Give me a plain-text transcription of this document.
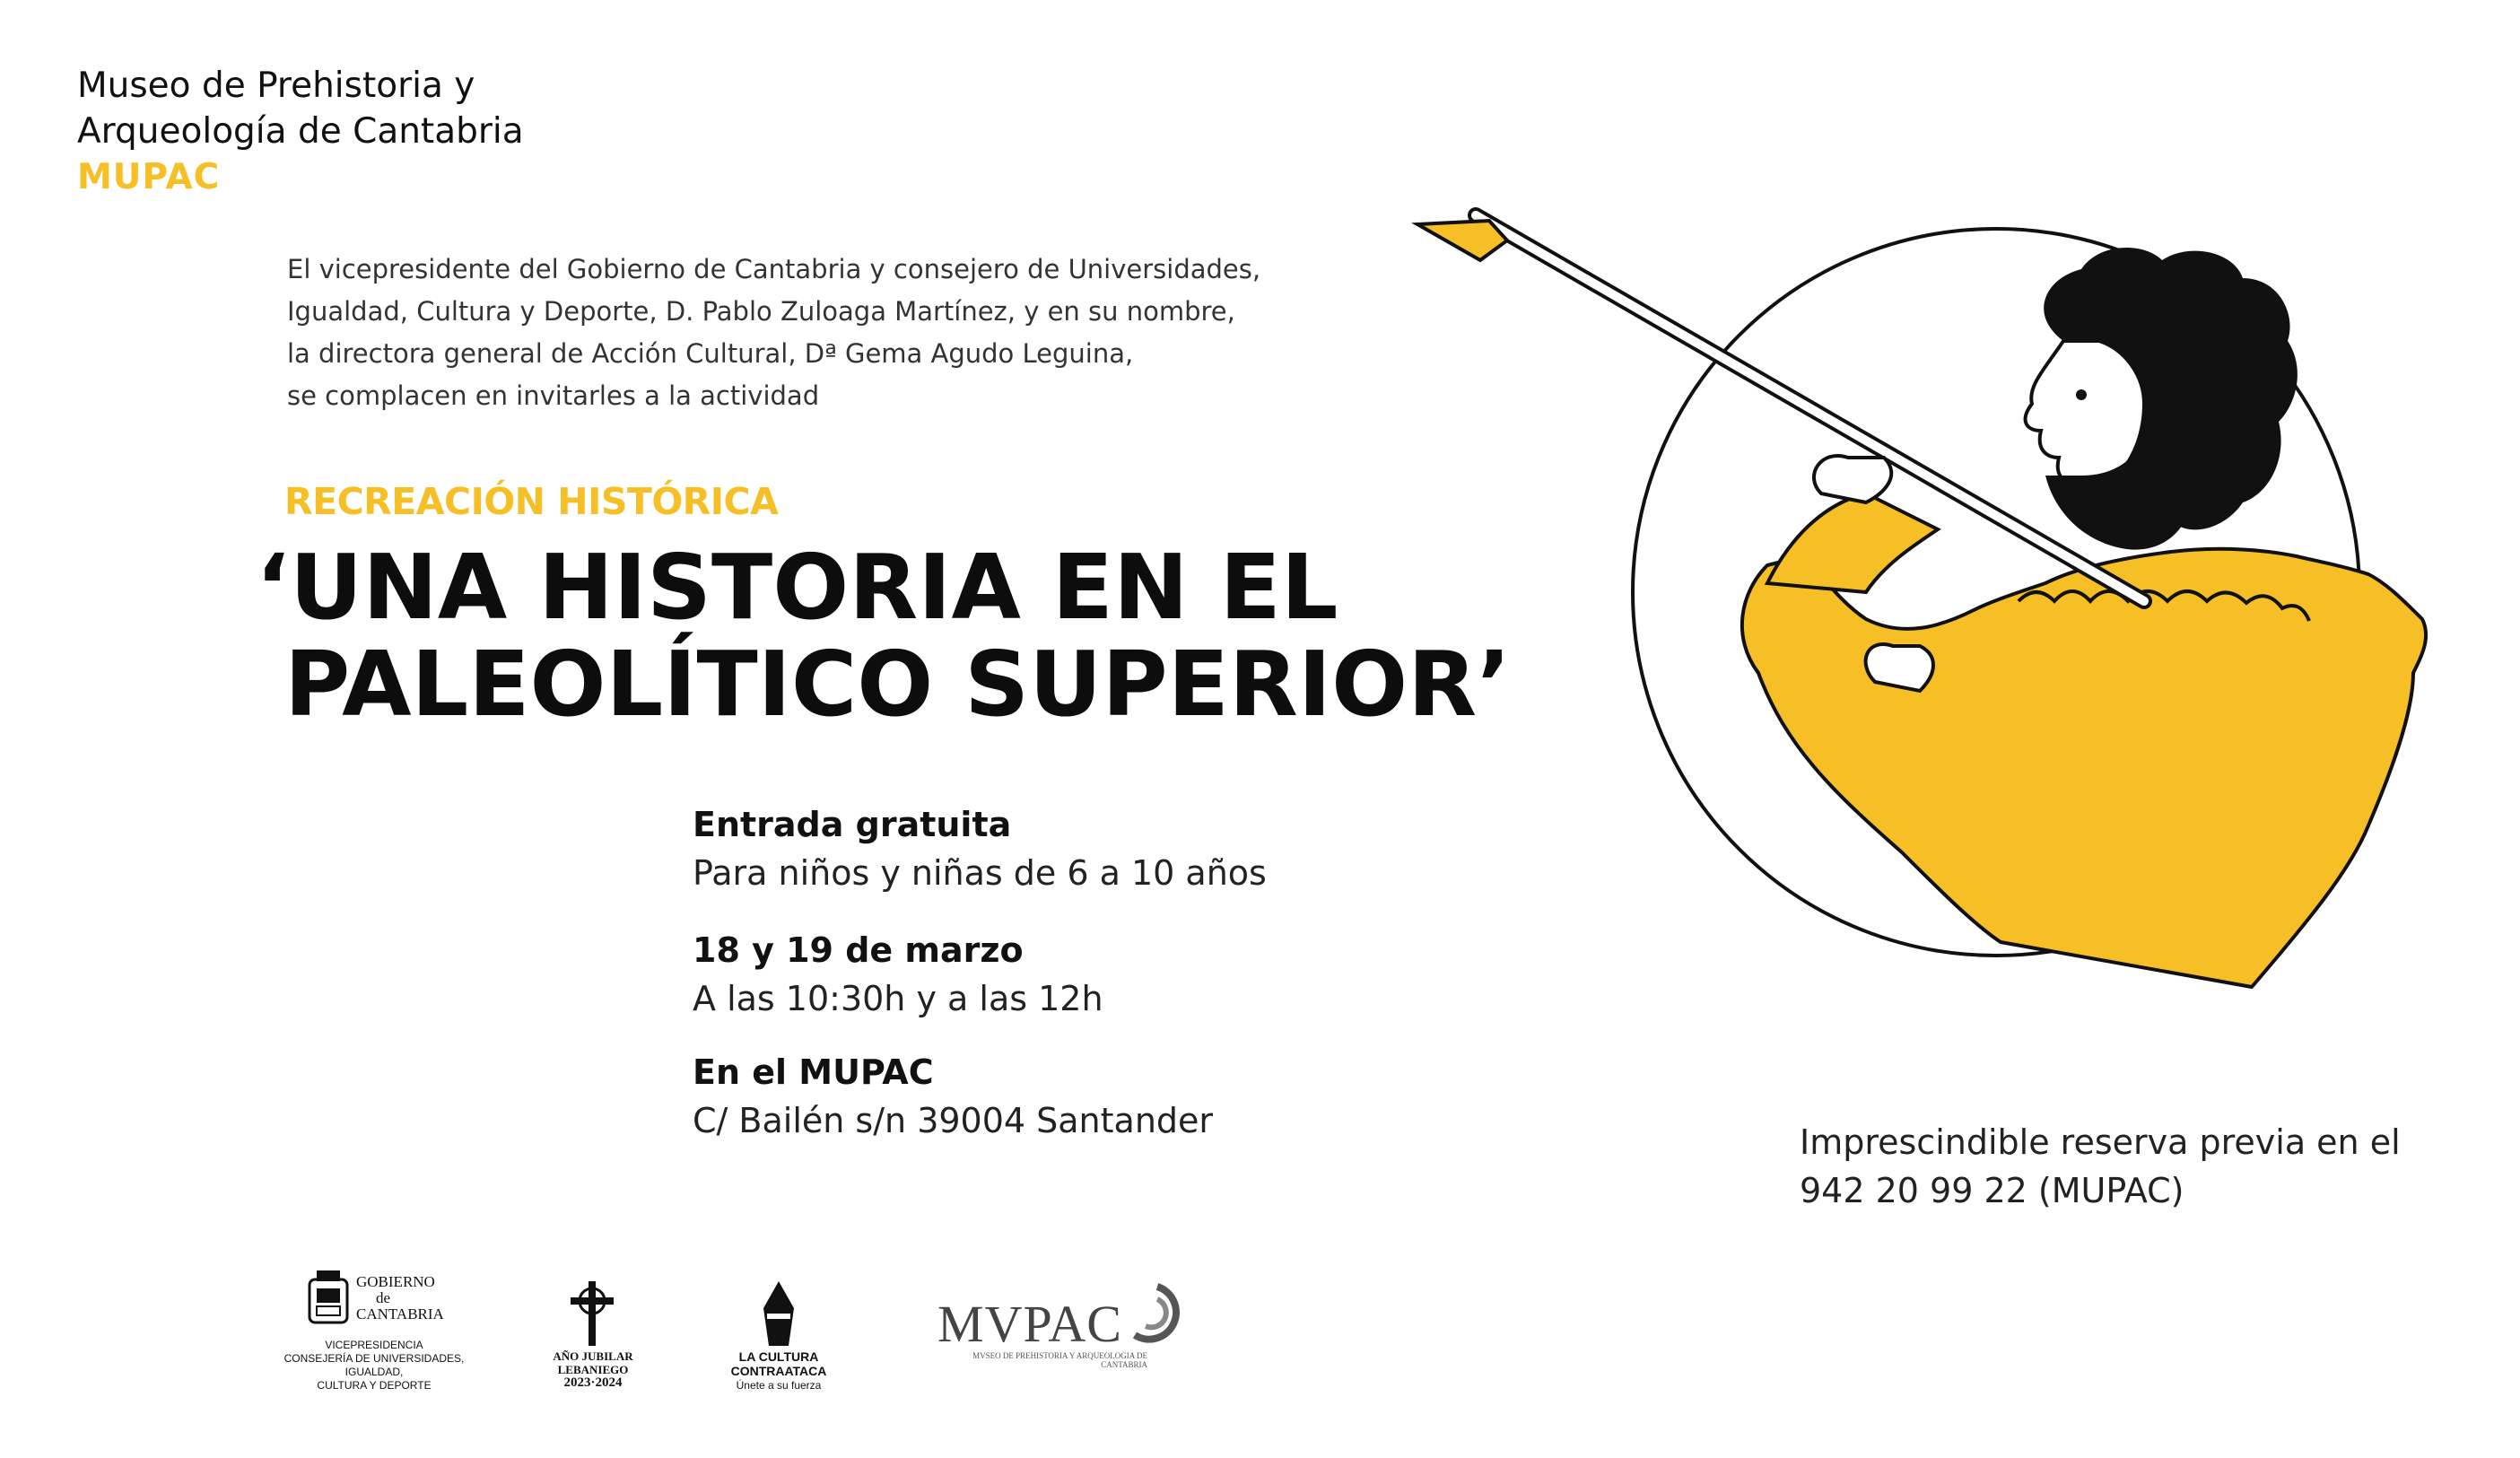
Museo de Prehistoria y
Arqueología de Cantabria
MUPAC
El vicepresidente del Gobierno de Cantabria y consejero de Universidades,
Igualdad, Cultura y Deporte, D. Pablo Zuloaga Martínez, y en su nombre,
la directora general de Acción Cultural, Dª Gema Agudo Leguina,
se complacen en invitarles a la actividad
RECREACIÓN HISTÓRICA
‘UNA HISTORIA EN EL
PALEOLÍTICO SUPERIOR’
Entrada gratuita
Para niños y niñas de 6 a 10 años
18 y 19 de marzo
A las 10:30h y a las 12h
En el MUPAC
C/ Bailén s/n 39004 Santander
Imprescindible reserva previa en el
942 20 99 22 (MUPAC)
GOBIERNO
de
CANTABRIA
VICEPRESIDENCIA
CONSEJERÍA DE UNIVERSIDADES, IGUALDAD,
CULTURA Y DEPORTE
AÑO JUBILAR
LEBANIEGO
2023·2024
LA CULTURA
CONTRAATACA
Únete a su fuerza
MVPAC
MVSEO DE PREHISTORIA Y ARQUEOLOGIA DE
CANTABRIA
